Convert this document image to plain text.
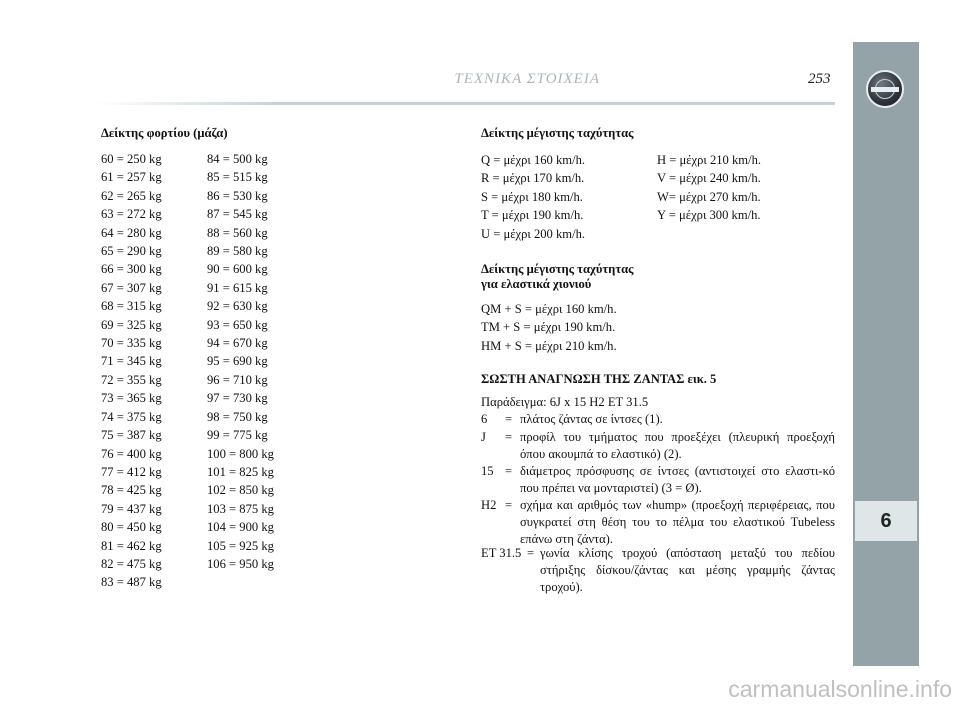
ΤΕΧΝΙΚΑ ΣΤΟΙΧΕΙΑ	253
6
Δείκτης φορτίου (μάζα)
60 = 250 kg
61 = 257 kg
62 = 265 kg
63 = 272 kg
64 = 280 kg
65 = 290 kg
66 = 300 kg
67 = 307 kg
68 = 315 kg
69 = 325 kg
70 = 335 kg
71 = 345 kg
72 = 355 kg
73 = 365 kg
74 = 375 kg
75 = 387 kg
76 = 400 kg
77 = 412 kg
78 = 425 kg
79 = 437 kg
80 = 450 kg
81 = 462 kg
82 = 475 kg
83 = 487 kg
84 = 500 kg
85 = 515 kg
86 = 530 kg
87 = 545 kg
88 = 560 kg
89 = 580 kg
90 = 600 kg
91 = 615 kg
92 = 630 kg
93 = 650 kg
94 = 670 kg
95 = 690 kg
96 = 710 kg
97 = 730 kg
98 = 750 kg
99 = 775 kg
100 = 800 kg
101 = 825 kg
102 = 850 kg
103 = 875 kg
104 = 900 kg
105 = 925 kg
106 = 950 kg
Δείκτης μέγιστης ταχύτητας
Q = μέχρι 160 km/h.
R = μέχρι 170 km/h.
S = μέχρι 180 km/h.
T = μέχρι 190 km/h.
U = μέχρι 200 km/h.
H = μέχρι 210 km/h.
V = μέχρι 240 km/h.
W= μέχρι 270 km/h.
Y = μέχρι 300 km/h.
Δείκτης μέγιστης ταχύτητας
για ελαστικά χιονιού
QM + S = μέχρι 160 km/h.
TM + S = μέχρι 190 km/h.
HM + S = μέχρι 210 km/h.
ΣΩΣΤΗ ΑΝΑΓΝΩΣΗ ΤΗΣ ΖΑΝΤΑΣ εικ. 5
Παράδειγμα: 6J x 15 H2 ET 31.5
6 = πλάτος ζάντας σε ίντσες (1).
J = προφίλ του τμήματος που προεξέχει (πλευρική προεξοχή όπου ακουμπά το ελαστικό) (2).
15 = διάμετρος πρόσφυσης σε ίντσες (αντιστοιχεί στο ελαστι-κό που πρέπει να μονταριστεί) (3 = Ø).
H2 = σχήμα και αριθμός των «hump» (προεξοχή περιφέρειας, που συγκρατεί στη θέση του το πέλμα του ελαστικού Tubeless επάνω στη ζάντα).
ET 31.5 = γωνία κλίσης τροχού (απόσταση μεταξύ του πεδίου στήριξης δίσκου/ζάντας και μέσης γραμμής ζάντας τροχού).
carmanualsonline.info
